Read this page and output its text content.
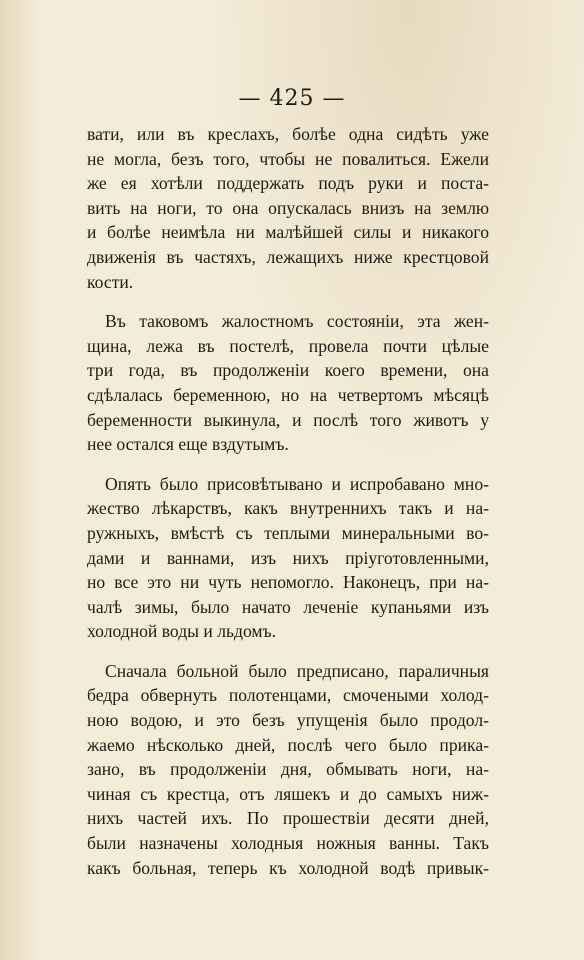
— 425 —

вати, или въ креслахъ, болѣе одна сидѣть уже
не могла, безъ того, чтобы не повалиться. Ежели
же ея хотѣли поддержать подъ руки и поста-
вить на ноги, то она опускалась внизъ на землю
и болѣе неимѣла ни малѣйшей силы и никакого
движенія въ частяхъ, лежащихъ ниже крестцовой
кости.

Въ таковомъ жалостномъ состояніи, эта жен-
щина, лежа въ постелѣ, провела почти цѣлые
три года, въ продолженіи коего времени, она
сдѣлалась беременною, но на четвертомъ мѣсяцѣ
беременности выкинула, и послѣ того животъ у
нее остался еще вздутымъ.

Опять было присовѣтывано и испробавано мно-
жество лѣкарствъ, какъ внутреннихъ такъ и на-
ружныхъ, вмѣстѣ съ теплыми минеральными во-
дами и ваннами, изъ нихъ пріуготовленными,
но все это ни чуть непомогло. Наконецъ, при на-
чалѣ зимы, было начато леченіе купаньями изъ
холодной воды и льдомъ.

Сначала больной было предписано, параличныя
бедра обвернуть полотенцами, смочеными холод-
ною водою, и это безъ упущенія было продол-
жаемо нѣсколько дней, послѣ чего было прика-
зано, въ продолженіи дня, обмывать ноги, на-
чиная съ крестца, отъ ляшекъ и до самыхъ ниж-
нихъ частей ихъ. По прошествіи десяти дней,
были назначены холодныя ножныя ванны. Такъ
какъ больная, теперь къ холодной водѣ привык-
